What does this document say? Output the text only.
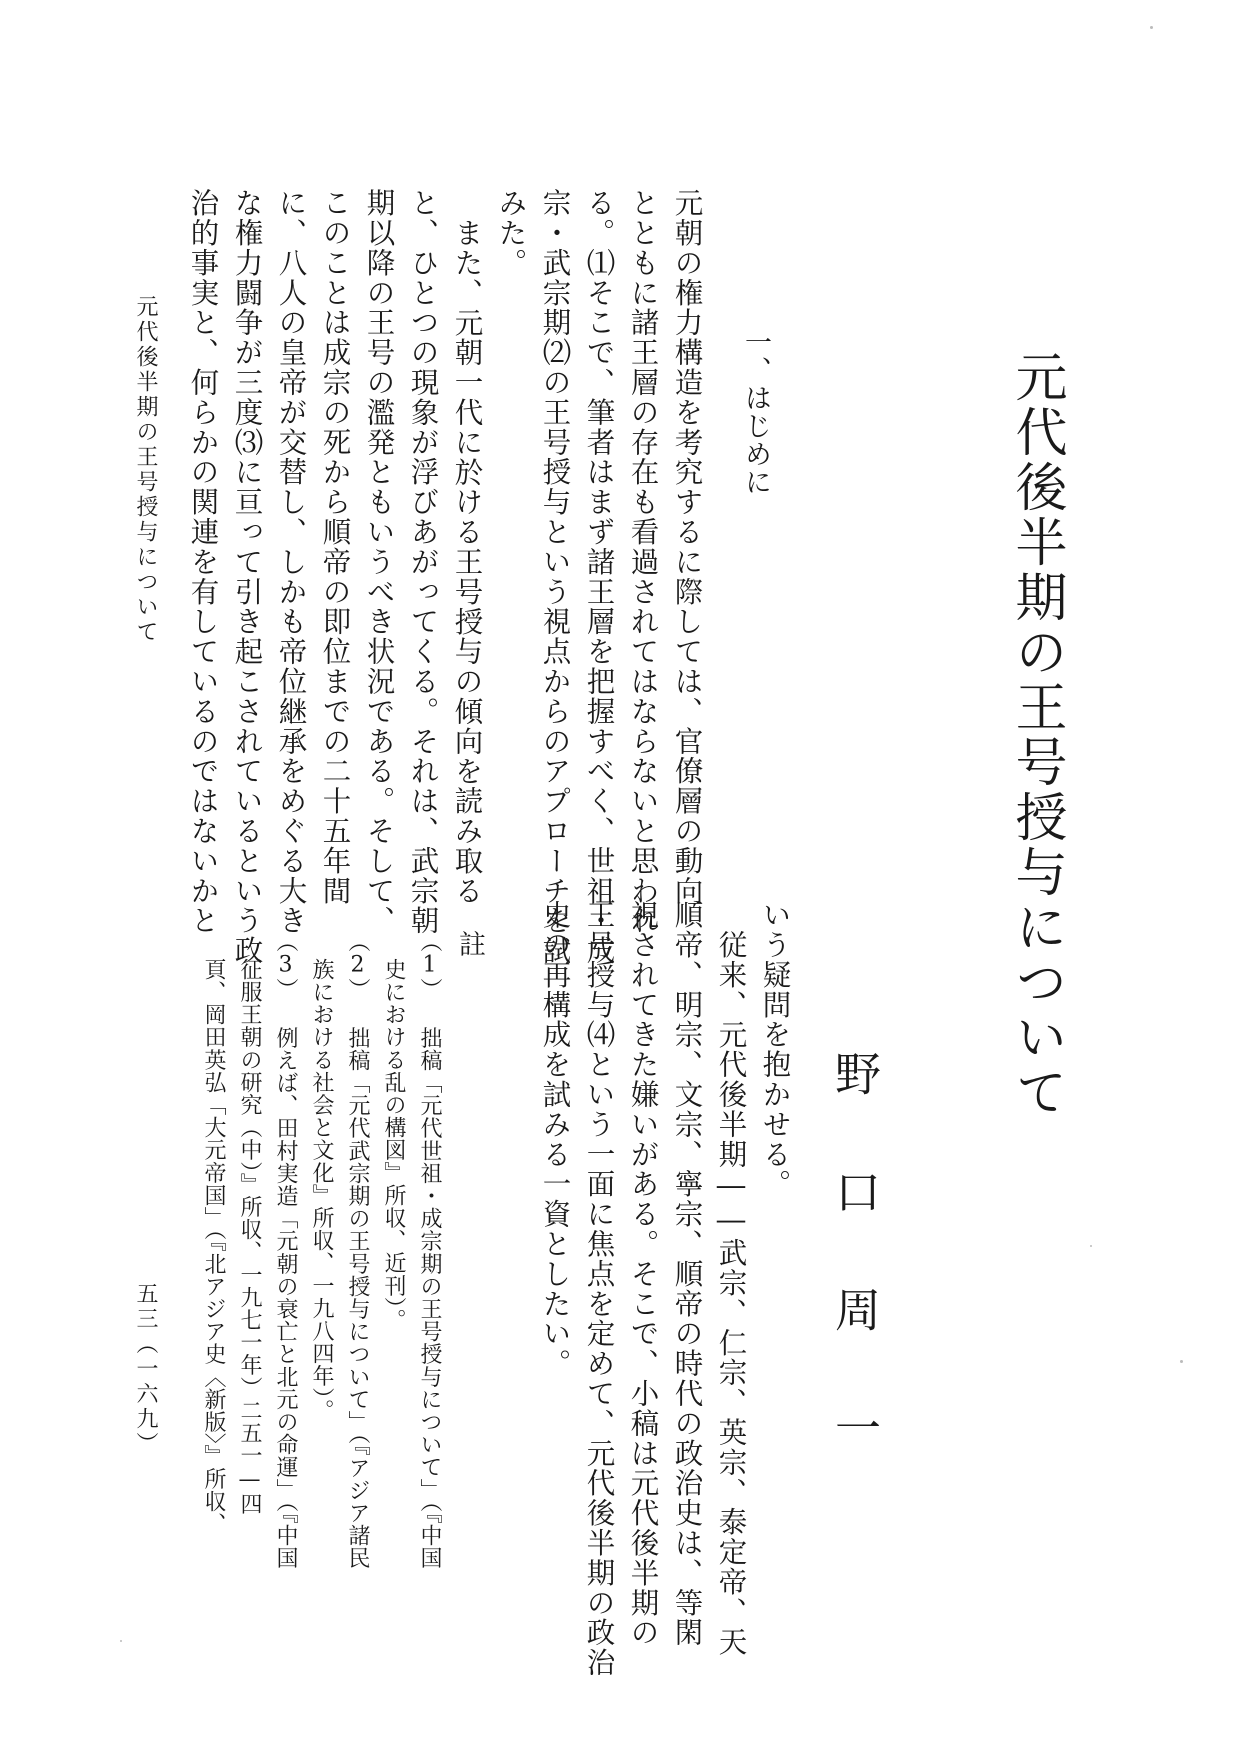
元代後半期の王号授与について
野口周一
一、はじめに
元朝の権力構造を考究するに際しては、官僚層の動向
とともに諸王層の存在も看過されてはならないと思われ
る。⑴そこで、筆者はまず諸王層を把握すべく、世祖・成
宗・武宗期⑵の王号授与という視点からのアプローチを試
みた。
また、元朝一代に於ける王号授与の傾向を読み取る
と、ひとつの現象が浮びあがってくる。それは、武宗朝
期以降の王号の濫発ともいうべき状況である。そして、
このことは成宗の死から順帝の即位までの二十五年間
に、八人の皇帝が交替し、しかも帝位継承をめぐる大き
な権力闘争が三度⑶に亘って引き起こされているという政
治的事実と、何らかの関連を有しているのではないかと
いう疑問を抱かせる。
従来、元代後半期――武宗、仁宗、英宗、泰定帝、天
順帝、明宗、文宗、寧宗、順帝の時代の政治史は、等閑
視されてきた嫌いがある。そこで、小稿は元代後半期の
王号授与⑷という一面に焦点を定めて、元代後半期の政治
史の再構成を試みる一資としたい。
註
（1） 拙稿「元代世祖・成宗期の王号授与について」（『中国
史における乱の構図』所収、近刊）。
（2） 拙稿「元代武宗期の王号授与について」（『アジア諸民
族における社会と文化』所収、一九八四年）。
（3） 例えば、田村実造「元朝の衰亡と北元の命運」（『中国
征服王朝の研究（中）』所収、一九七一年）二五一—四
頁、岡田英弘「大元帝国」（『北アジア史〈新版〉』所収、
元代後半期の王号授与について
五三（一六九）
